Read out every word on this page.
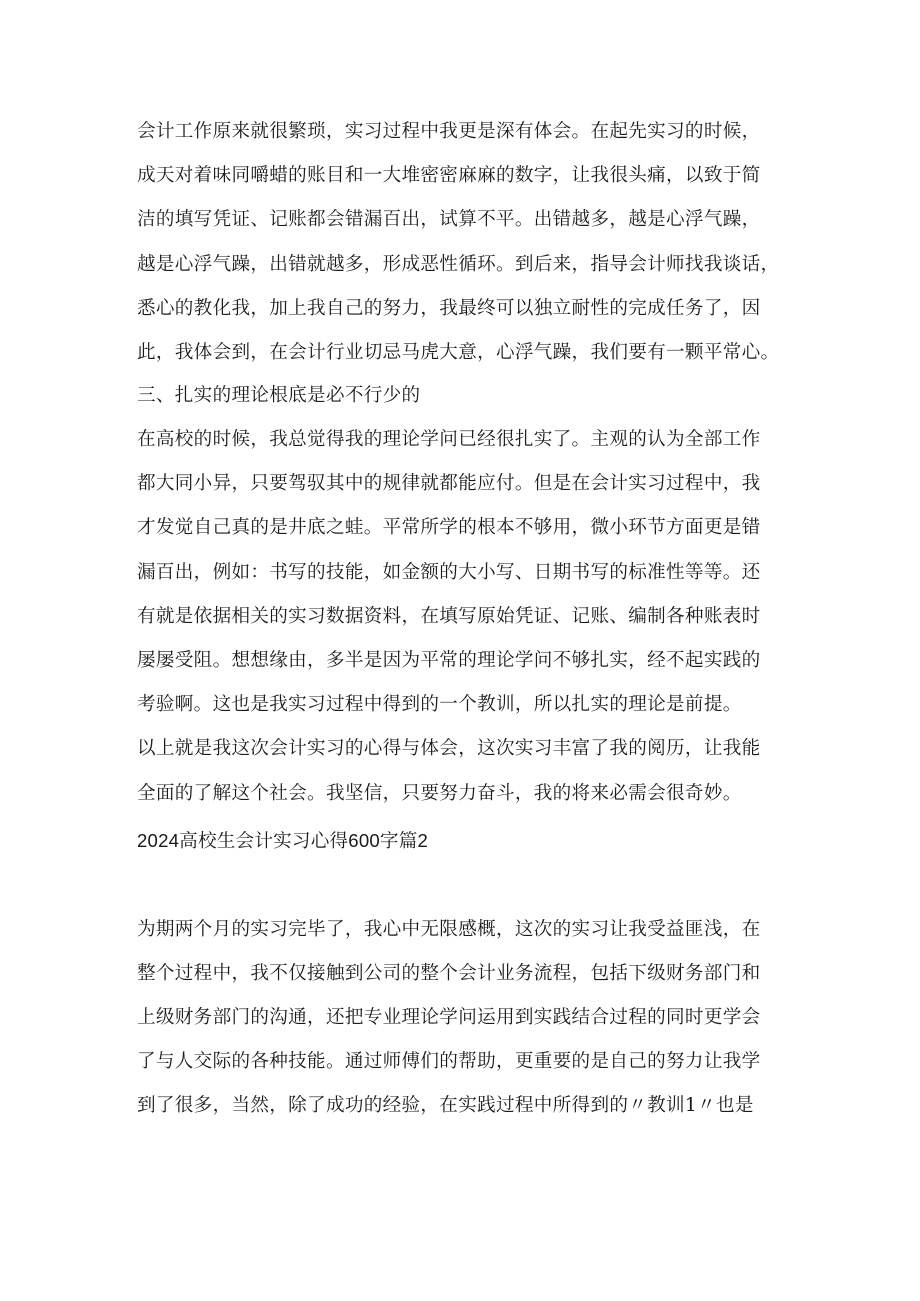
会计工作原来就很繁琐，实习过程中我更是深有体会。在起先实习的时候，
成天对着味同嚼蜡的账目和一大堆密密麻麻的数字，让我很头痛，以致于简
洁的填写凭证、记账都会错漏百出，试算不平。出错越多，越是心浮气躁，
越是心浮气躁，出错就越多，形成恶性循环。到后来，指导会计师找我谈话，
悉心的教化我，加上我自己的努力，我最终可以独立耐性的完成任务了，因
此，我体会到，在会计行业切忌马虎大意，心浮气躁，我们要有一颗平常心。
三、扎实的理论根底是必不行少的
在高校的时候，我总觉得我的理论学问已经很扎实了。主观的认为全部工作
都大同小异，只要驾驭其中的规律就都能应付。但是在会计实习过程中，我
才发觉自己真的是井底之蛙。平常所学的根本不够用，微小环节方面更是错
漏百出，例如：书写的技能，如金额的大小写、日期书写的标准性等等。还
有就是依据相关的实习数据资料，在填写原始凭证、记账、编制各种账表时
屡屡受阻。想想缘由，多半是因为平常的理论学问不够扎实，经不起实践的
考验啊。这也是我实习过程中得到的一个教训，所以扎实的理论是前提。
以上就是我这次会计实习的心得与体会，这次实习丰富了我的阅历，让我能
全面的了解这个社会。我坚信，只要努力奋斗，我的将来必需会很奇妙。
2024高校生会计实习心得600字篇2
为期两个月的实习完毕了，我心中无限感概，这次的实习让我受益匪浅，在
整个过程中，我不仅接触到公司的整个会计业务流程，包括下级财务部门和
上级财务部门的沟通，还把专业理论学问运用到实践结合过程的同时更学会
了与人交际的各种技能。通过师傅们的帮助，更重要的是自己的努力让我学
到了很多，当然，除了成功的经验，在实践过程中所得到的〃教训1〃也是
